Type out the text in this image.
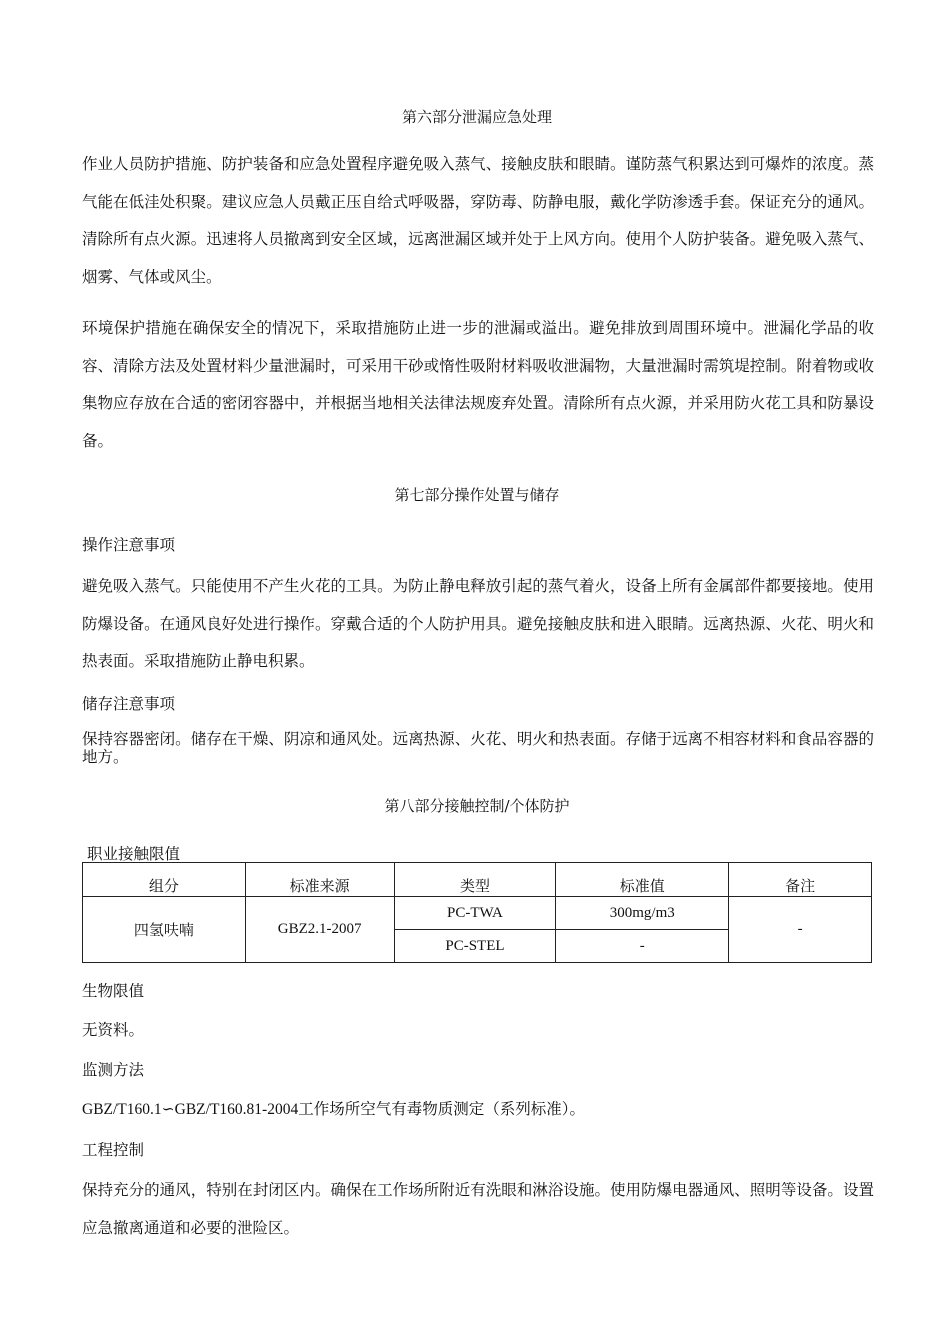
第六部分泄漏应急处理

作业人员防护措施、防护装备和应急处置程序避免吸入蒸气、接触皮肤和眼睛。谨防蒸气积累达到可爆炸的浓度。蒸气能在低洼处积聚。建议应急人员戴正压自给式呼吸器，穿防毒、防静电服，戴化学防渗透手套。保证充分的通风。清除所有点火源。迅速将人员撤离到安全区域，远离泄漏区域并处于上风方向。使用个人防护装备。避免吸入蒸气、烟雾、气体或风尘。

环境保护措施在确保安全的情况下，采取措施防止进一步的泄漏或溢出。避免排放到周围环境中。泄漏化学品的收容、清除方法及处置材料少量泄漏时，可采用干砂或惰性吸附材料吸收泄漏物，大量泄漏时需筑堤控制。附着物或收集物应存放在合适的密闭容器中，并根据当地相关法律法规废弃处置。清除所有点火源，并采用防火花工具和防暴设备。

第七部分操作处置与储存

操作注意事项

避免吸入蒸气。只能使用不产生火花的工具。为防止静电释放引起的蒸气着火，设备上所有金属部件都要接地。使用防爆设备。在通风良好处进行操作。穿戴合适的个人防护用具。避免接触皮肤和进入眼睛。远离热源、火花、明火和热表面。采取措施防止静电积累。

储存注意事项

保持容器密闭。储存在干燥、阴凉和通风处。远离热源、火花、明火和热表面。存储于远离不相容材料和食品容器的地方。

第八部分接触控制/个体防护

职业接触限值

组分	标准来源	类型	标准值	备注
四氢呋喃	GBZ2.1-2007	PC-TWA	300mg/m3	-
		PC-STEL	-	

生物限值

无资料。

监测方法

GBZ/T160.1∽GBZ/T160.81-2004工作场所空气有毒物质测定（系列标准）。

工程控制

保持充分的通风，特别在封闭区内。确保在工作场所附近有洗眼和淋浴设施。使用防爆电器通风、照明等设备。设置应急撤离通道和必要的泄险区。
